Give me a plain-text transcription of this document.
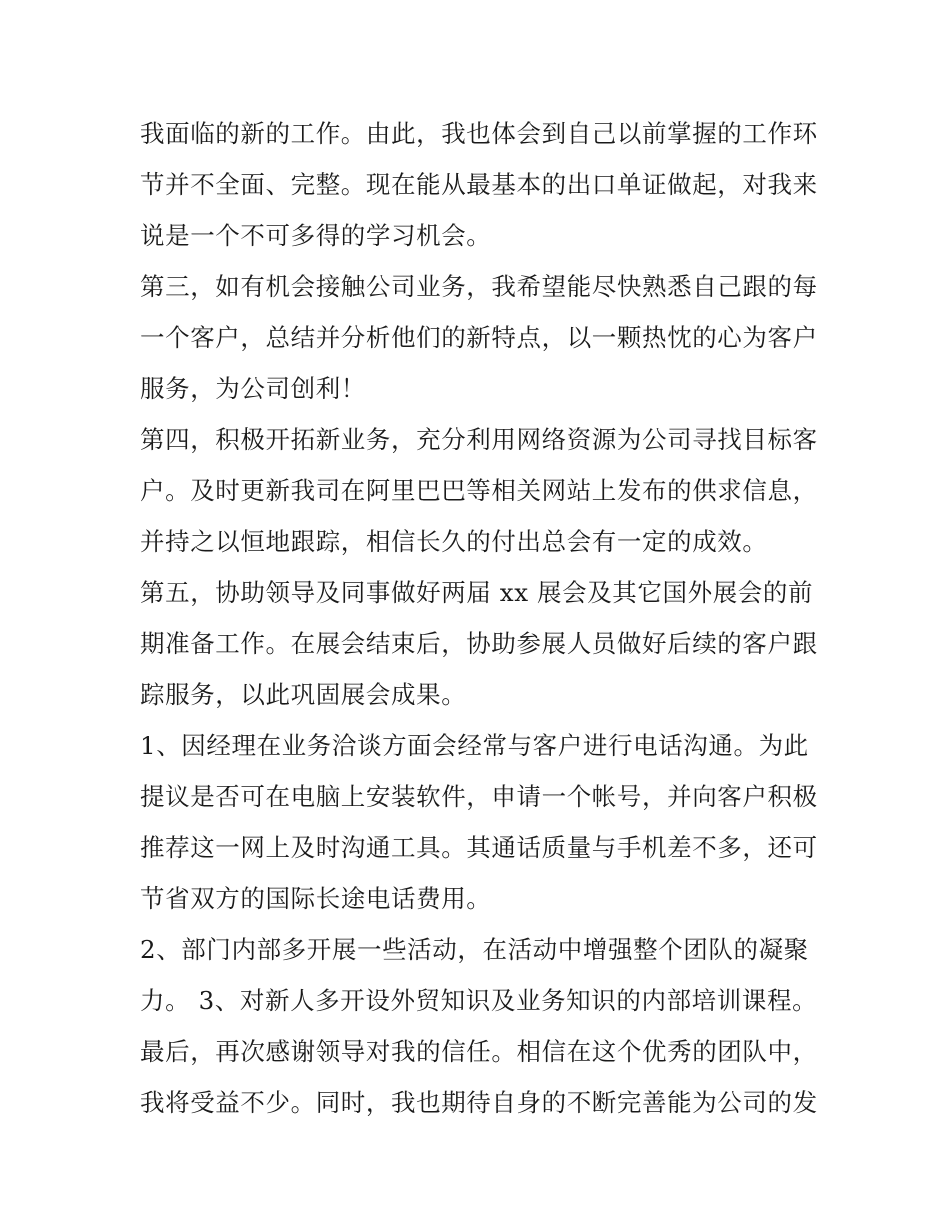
我面临的新的工作。由此，我也体会到自己以前掌握的工作环
节并不全面、完整。现在能从最基本的出口单证做起，对我来
说是一个不可多得的学习机会。
第三，如有机会接触公司业务，我希望能尽快熟悉自己跟的每
一个客户，总结并分析他们的新特点，以一颗热忱的心为客户
服务，为公司创利！
第四，积极开拓新业务，充分利用网络资源为公司寻找目标客
户。及时更新我司在阿里巴巴等相关网站上发布的供求信息，
并持之以恒地跟踪，相信长久的付出总会有一定的成效。
第五，协助领导及同事做好两届 xx 展会及其它国外展会的前
期准备工作。在展会结束后，协助参展人员做好后续的客户跟
踪服务，以此巩固展会成果。
1、因经理在业务洽谈方面会经常与客户进行电话沟通。为此
提议是否可在电脑上安装软件，申请一个帐号，并向客户积极
推荐这一网上及时沟通工具。其通话质量与手机差不多，还可
节省双方的国际长途电话费用。
2、部门内部多开展一些活动，在活动中增强整个团队的凝聚
力。 3、对新人多开设外贸知识及业务知识的内部培训课程。
最后，再次感谢领导对我的信任。相信在这个优秀的团队中，
我将受益不少。同时，我也期待自身的不断完善能为公司的发
